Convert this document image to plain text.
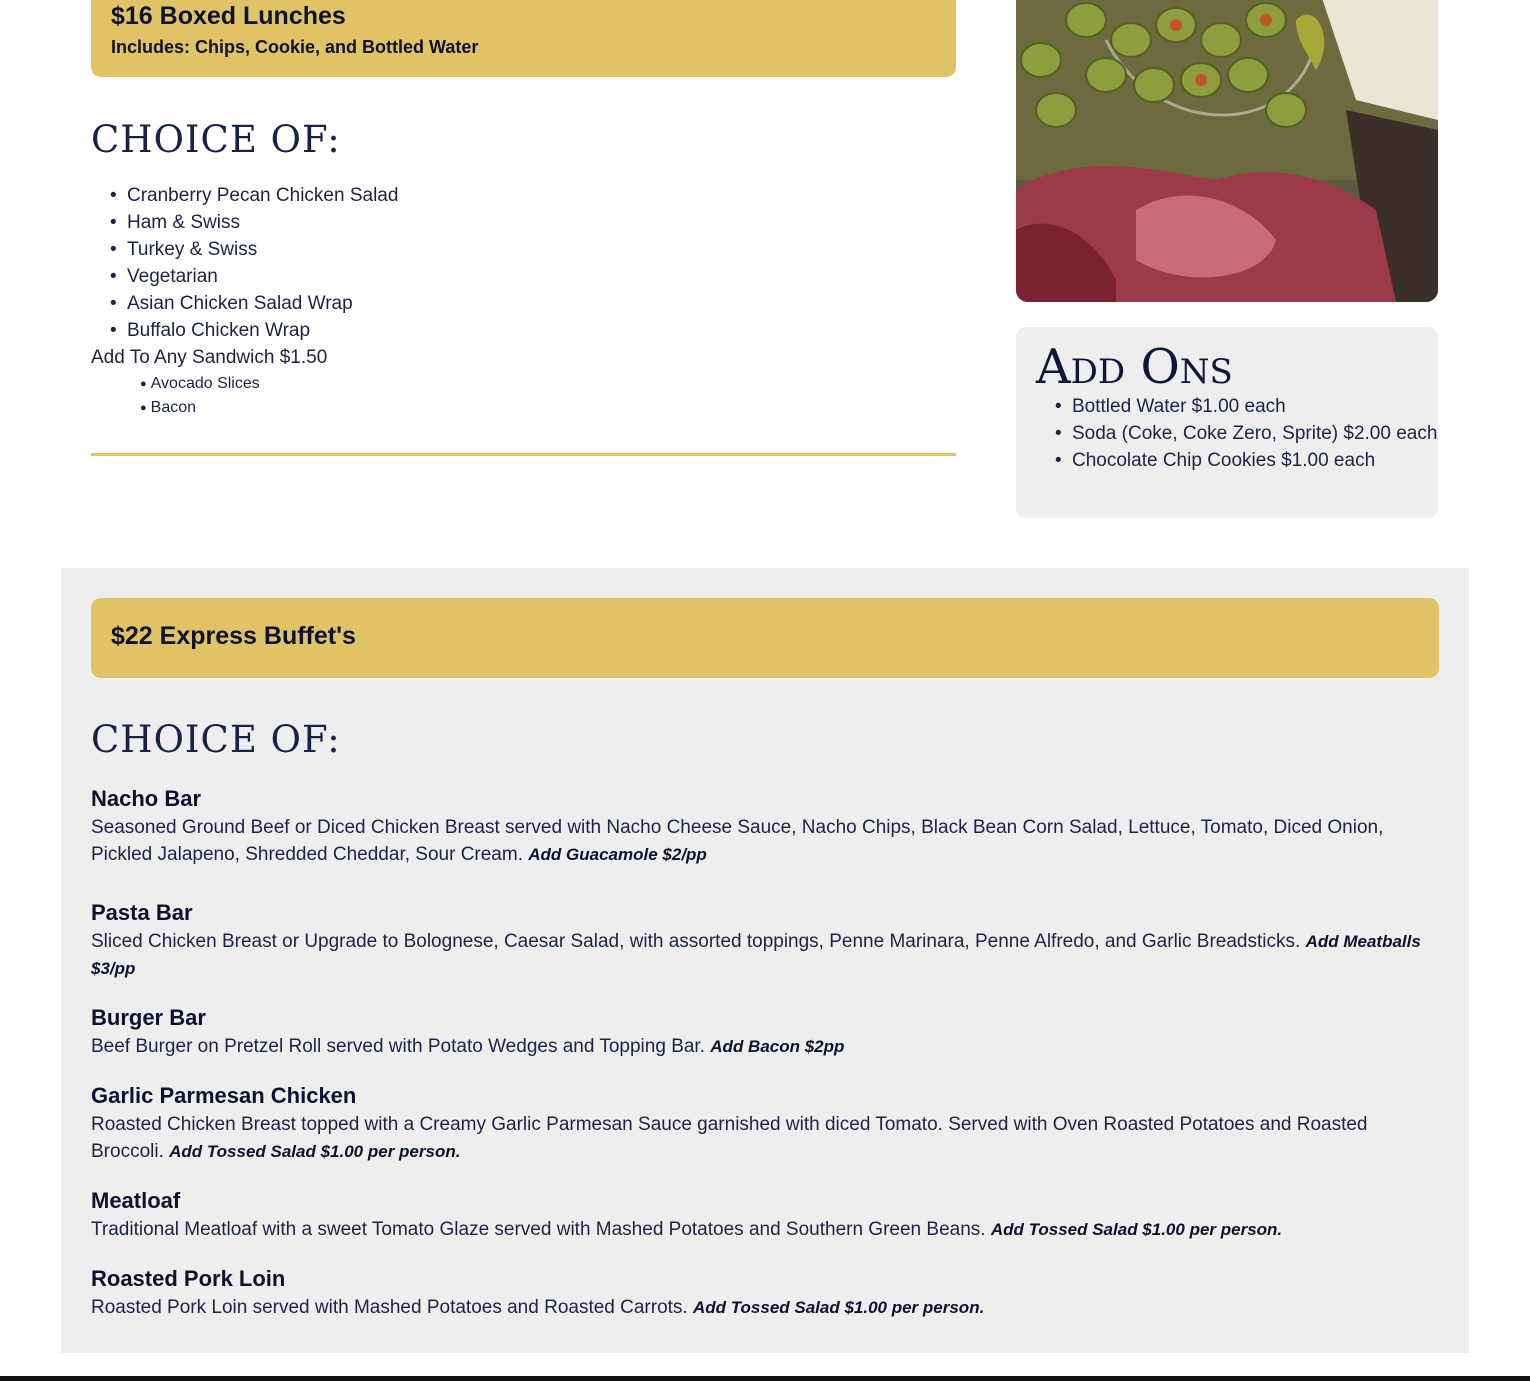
$16 Boxed Lunches
Includes: Chips, Cookie, and Bottled Water
CHOICE OF:
• Cranberry Pecan Chicken Salad
• Ham & Swiss
• Turkey & Swiss
• Vegetarian
• Asian Chicken Salad Wrap
• Buffalo Chicken Wrap
Add To Any Sandwich $1.50
● Avocado Slices
● Bacon
Add Ons
• Bottled Water $1.00 each
• Soda (Coke, Coke Zero, Sprite) $2.00 each
• Chocolate Chip Cookies $1.00 each
$22 Express Buffet's
CHOICE OF:

Nacho Bar

Seasoned Ground Beef or Diced Chicken Breast served with Nacho Cheese Sauce, Nacho Chips, Black Bean Corn Salad, Lettuce, Tomato, Diced Onion, Pickled Jalapeno, Shredded Cheddar, Sour Cream. Add Guacamole $2/pp

Pasta Bar

Sliced Chicken Breast or Upgrade to Bolognese, Caesar Salad, with assorted toppings, Penne Marinara, Penne Alfredo, and Garlic Breadsticks. Add Meatballs $3/pp

Burger Bar

Beef Burger on Pretzel Roll served with Potato Wedges and Topping Bar. Add Bacon $2pp

Garlic Parmesan Chicken

Roasted Chicken Breast topped with a Creamy Garlic Parmesan Sauce garnished with diced Tomato. Served with Oven Roasted Potatoes and Roasted Broccoli. Add Tossed Salad $1.00 per person.

Meatloaf

Traditional Meatloaf with a sweet Tomato Glaze served with Mashed Potatoes and Southern Green Beans. Add Tossed Salad $1.00 per person.

Roasted Pork Loin

Roasted Pork Loin served with Mashed Potatoes and Roasted Carrots. Add Tossed Salad $1.00 per person.
